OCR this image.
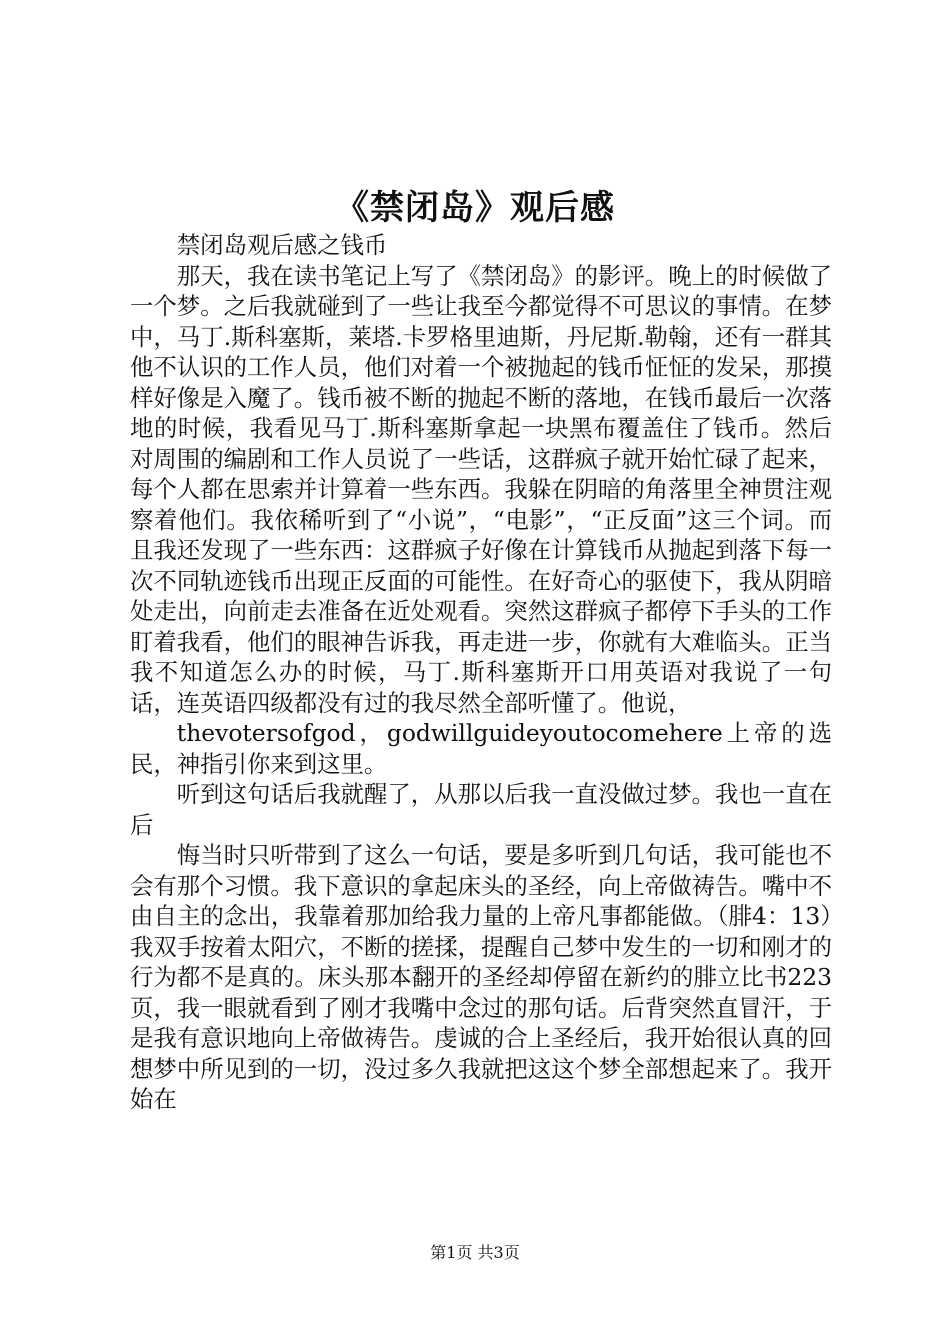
《禁闭岛》观后感

禁闭岛观后感之钱币

那天，我在读书笔记上写了《禁闭岛》的影评。晚上的时候做了一个梦。之后我就碰到了一些让我至今都觉得不可思议的事情。在梦中，马丁.斯科塞斯，莱塔.卡罗格里迪斯，丹尼斯.勒翰，还有一群其他不认识的工作人员，他们对着一个被抛起的钱币怔怔的发呆，那摸样好像是入魔了。钱币被不断的抛起不断的落地，在钱币最后一次落地的时候，我看见马丁.斯科塞斯拿起一块黑布覆盖住了钱币。然后对周围的编剧和工作人员说了一些话，这群疯子就开始忙碌了起来，每个人都在思索并计算着一些东西。我躲在阴暗的角落里全神贯注观察着他们。我依稀听到了“小说”，“电影”，“正反面”这三个词。而且我还发现了一些东西：这群疯子好像在计算钱币从抛起到落下每一次不同轨迹钱币出现正反面的可能性。在好奇心的驱使下，我从阴暗处走出，向前走去准备在近处观看。突然这群疯子都停下手头的工作盯着我看，他们的眼神告诉我，再走进一步，你就有大难临头。正当我不知道怎么办的时候，马丁.斯科塞斯开口用英语对我说了一句话，连英语四级都没有过的我尽然全部听懂了。他说，

thevotersofgod，godwillguideyoutocomehere上帝的选民，神指引你来到这里。

听到这句话后我就醒了，从那以后我一直没做过梦。我也一直在后

悔当时只听带到了这么一句话，要是多听到几句话，我可能也不会有那个习惯。我下意识的拿起床头的圣经，向上帝做祷告。嘴中不由自主的念出，我靠着那加给我力量的上帝凡事都能做。（腓4：13）我双手按着太阳穴，不断的搓揉，提醒自己梦中发生的一切和刚才的行为都不是真的。床头那本翻开的圣经却停留在新约的腓立比书223页，我一眼就看到了刚才我嘴中念过的那句话。后背突然直冒汗，于是我有意识地向上帝做祷告。虔诚的合上圣经后，我开始很认真的回想梦中所见到的一切，没过多久我就把这这个梦全部想起来了。我开始在

第1页 共3页
